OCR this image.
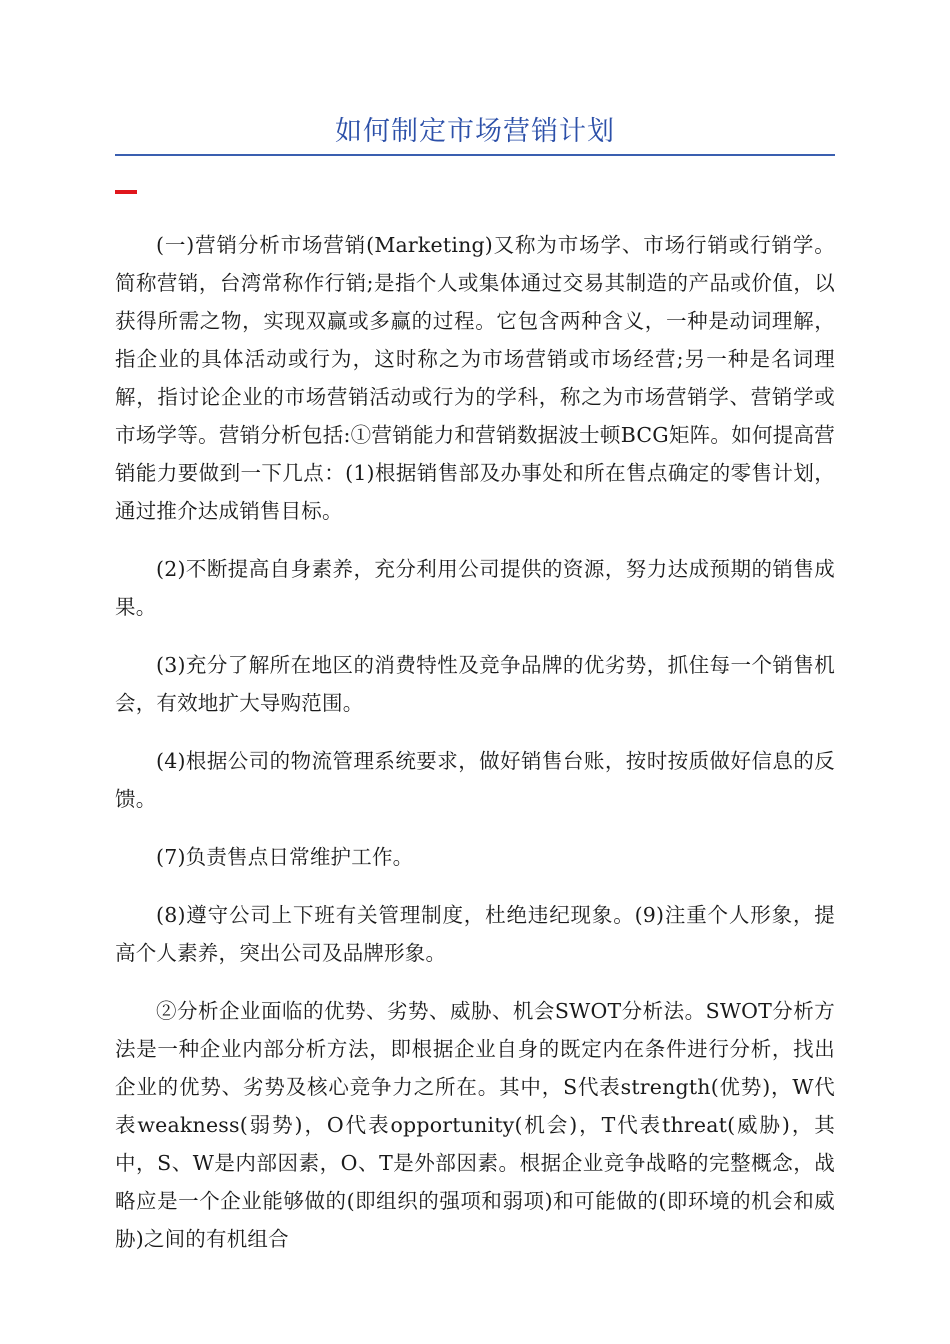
如何制定市场营销计划

(一)营销分析市场营销(Marketing)又称为市场学、市场行销或行销学。简称营销，台湾常称作行销;是指个人或集体通过交易其制造的产品或价值，以获得所需之物，实现双赢或多赢的过程。它包含两种含义，一种是动词理解，指企业的具体活动或行为，这时称之为市场营销或市场经营;另一种是名词理解，指讨论企业的市场营销活动或行为的学科，称之为市场营销学、营销学或市场学等。营销分析包括:①营销能力和营销数据波士顿BCG矩阵。如何提高营销能力要做到一下几点：(1)根据销售部及办事处和所在售点确定的零售计划，通过推介达成销售目标。

(2)不断提高自身素养，充分利用公司提供的资源，努力达成预期的销售成果。

(3)充分了解所在地区的消费特性及竞争品牌的优劣势，抓住每一个销售机会，有效地扩大导购范围。

(4)根据公司的物流管理系统要求，做好销售台账，按时按质做好信息的反馈。

(7)负责售点日常维护工作。

(8)遵守公司上下班有关管理制度，杜绝违纪现象。(9)注重个人形象，提高个人素养，突出公司及品牌形象。

②分析企业面临的优势、劣势、威胁、机会SWOT分析法。SWOT分析方法是一种企业内部分析方法，即根据企业自身的既定内在条件进行分析，找出企业的优势、劣势及核心竞争力之所在。其中，S代表strength(优势)，W代表weakness(弱势)，O代表opportunity(机会)，T代表threat(威胁)，其中，S、W是内部因素，O、T是外部因素。根据企业竞争战略的完整概念，战略应是一个企业能够做的(即组织的强项和弱项)和可能做的(即环境的机会和威胁)之间的有机组合
